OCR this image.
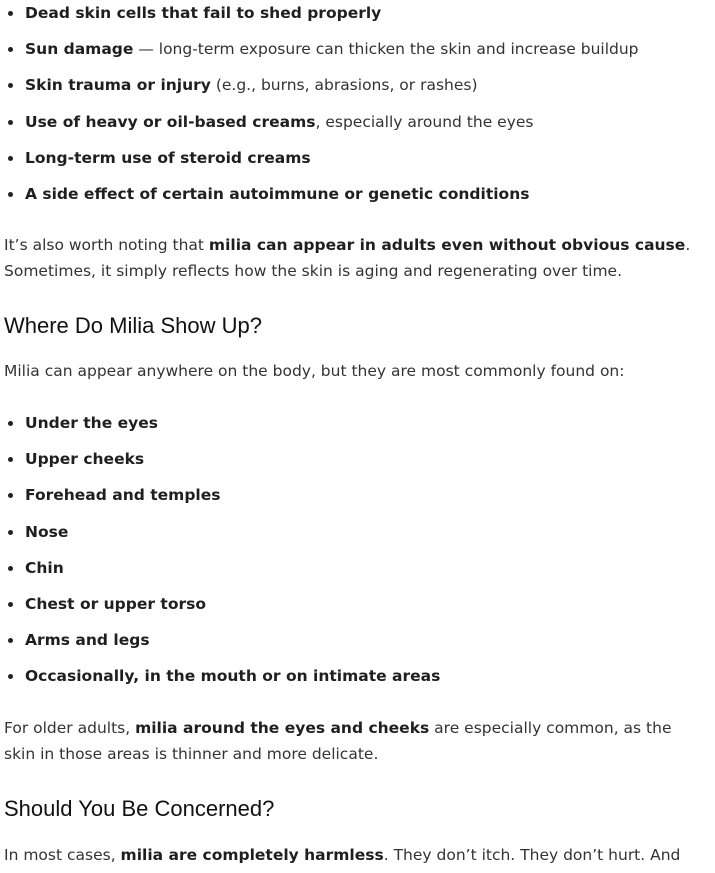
Dead skin cells that fail to shed properly
Sun damage — long-term exposure can thicken the skin and increase buildup
Skin trauma or injury (e.g., burns, abrasions, or rashes)
Use of heavy or oil-based creams, especially around the eyes
Long-term use of steroid creams
A side effect of certain autoimmune or genetic conditions

It’s also worth noting that milia can appear in adults even without obvious cause. Sometimes, it simply reflects how the skin is aging and regenerating over time.

Where Do Milia Show Up?

Milia can appear anywhere on the body, but they are most commonly found on:

Under the eyes
Upper cheeks
Forehead and temples
Nose
Chin
Chest or upper torso
Arms and legs
Occasionally, in the mouth or on intimate areas

For older adults, milia around the eyes and cheeks are especially common, as the skin in those areas is thinner and more delicate.

Should You Be Concerned?

In most cases, milia are completely harmless. They don’t itch. They don’t hurt. And
